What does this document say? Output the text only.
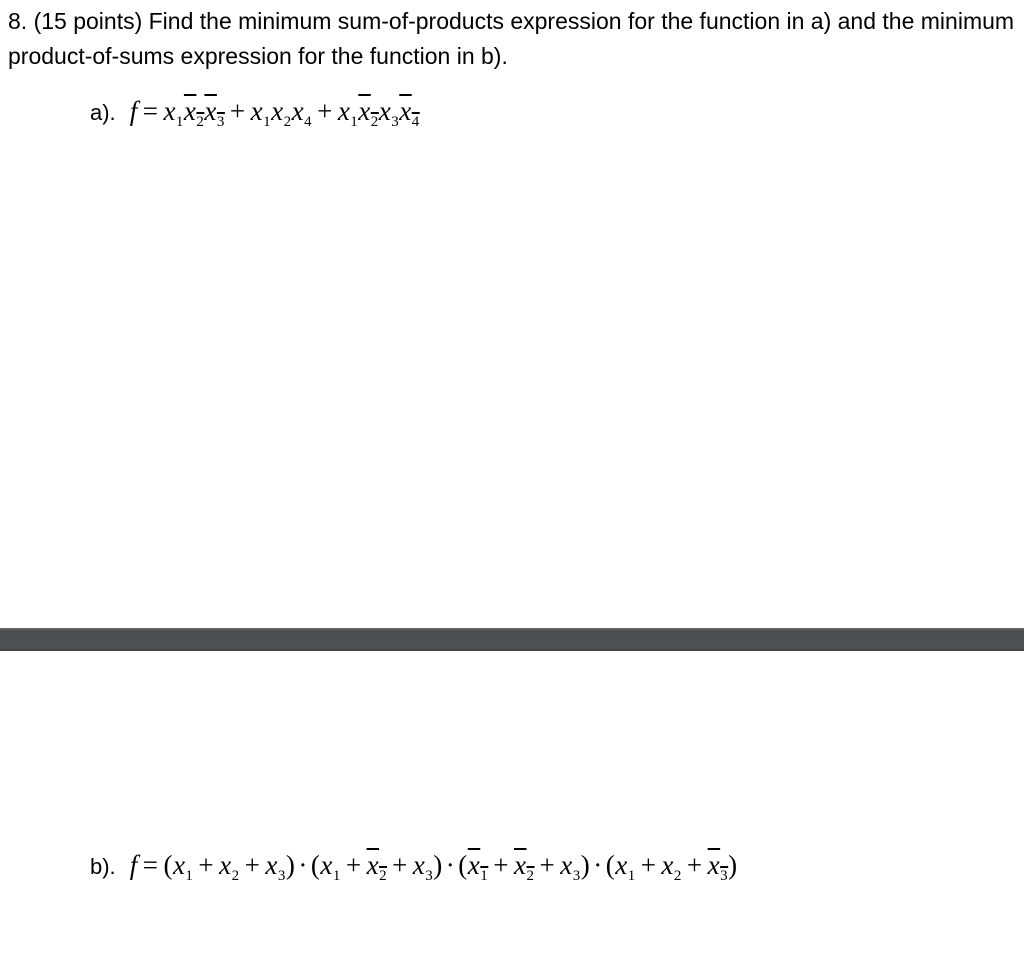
8. (15 points) Find the minimum sum-of-products expression for the function in a) and the minimum product-of-sums expression for the function in b).

a). $f = x_1x_2x_3 + x_1x_2x_4 + x_1x_2x_3x_4$
b). $f = (x_1 + x_2 + x_3) \cdot (x_1 + x_2 + x_3) \cdot (x_1 + x_2 + x_3) \cdot (x_1 + x_2 + x_3)$
